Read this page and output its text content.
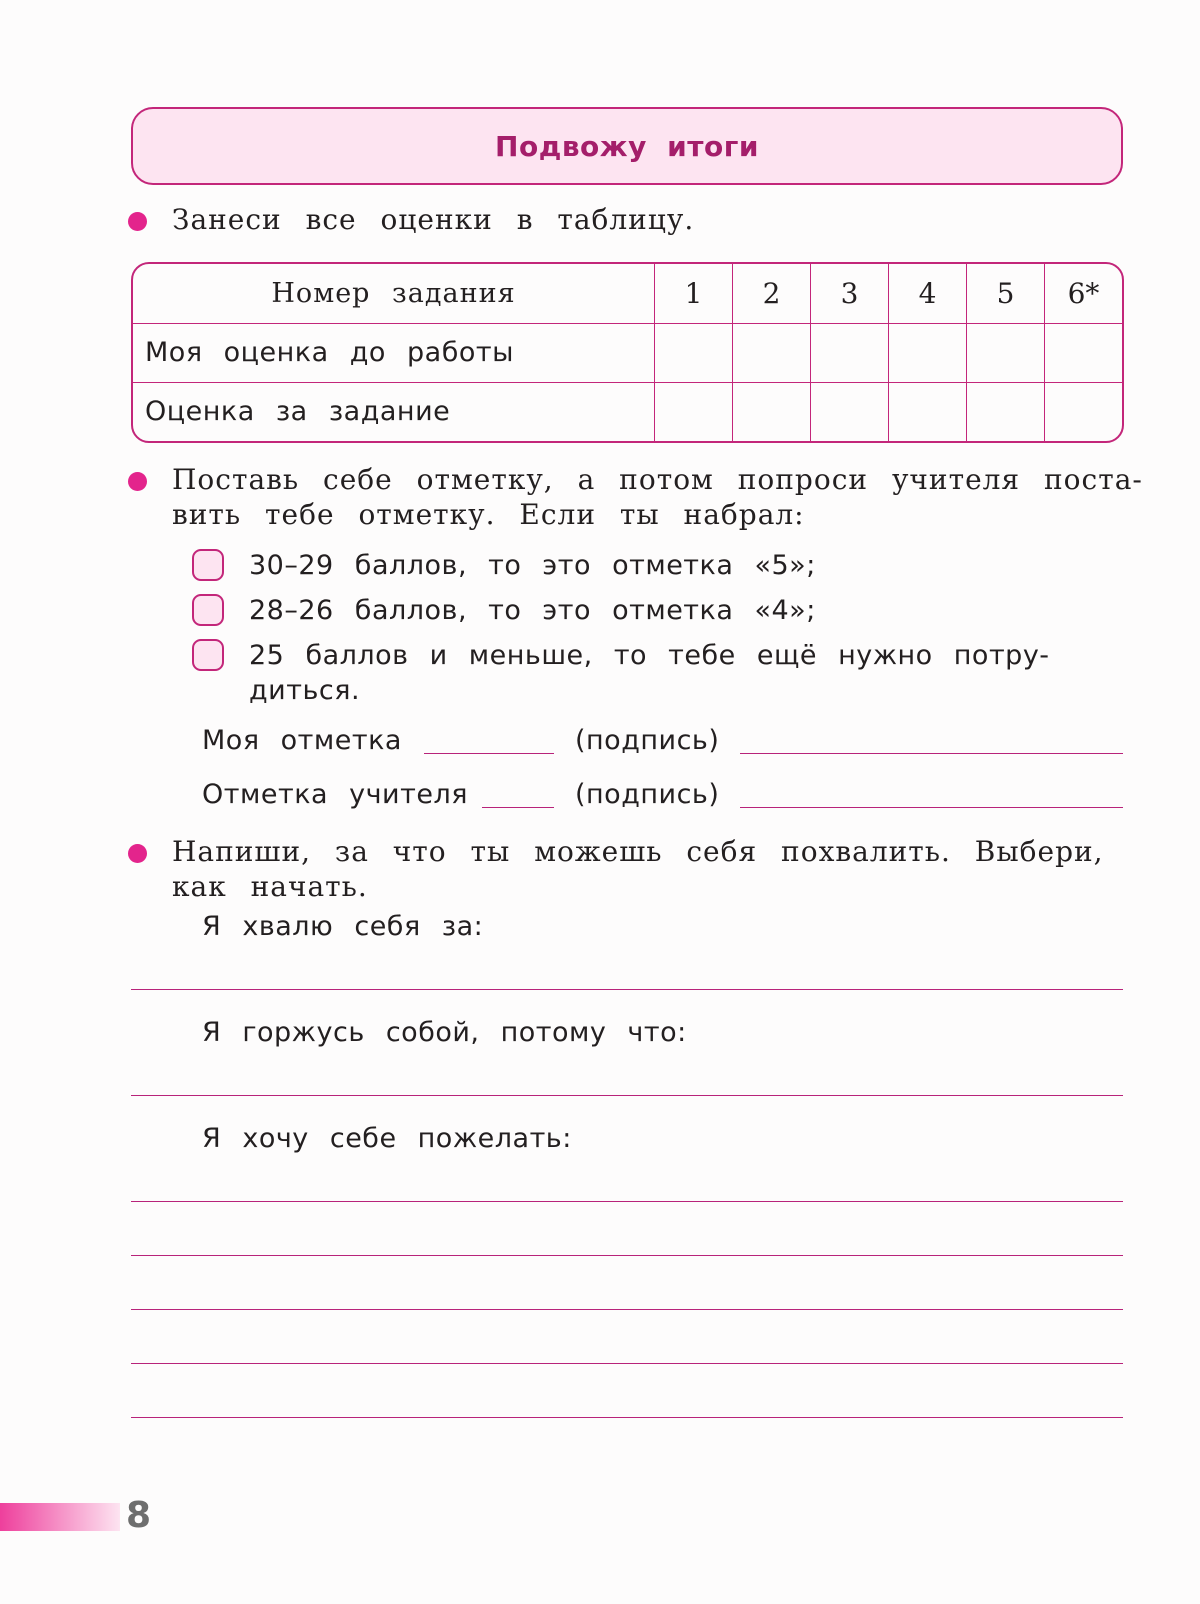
Подвожу итоги
Занеси все оценки в таблицу.
Номер задания	1	2	3	4	5	6*
Моя оценка до работы						
Оценка за задание						
Поставь себе отметку, а потом попроси учителя поста-
вить тебе отметку. Если ты набрал:
30–29 баллов, то это отметка «5»;
28–26 баллов, то это отметка «4»;
25 баллов и меньше, то тебе ещё нужно потру-
диться.
Моя отметка	(подпись)
Отметка учителя	(подпись)
Напиши, за что ты можешь себя похвалить. Выбери,
как начать.
Я хвалю себя за:
Я горжусь собой, потому что:
Я хочу себе пожелать:
8
